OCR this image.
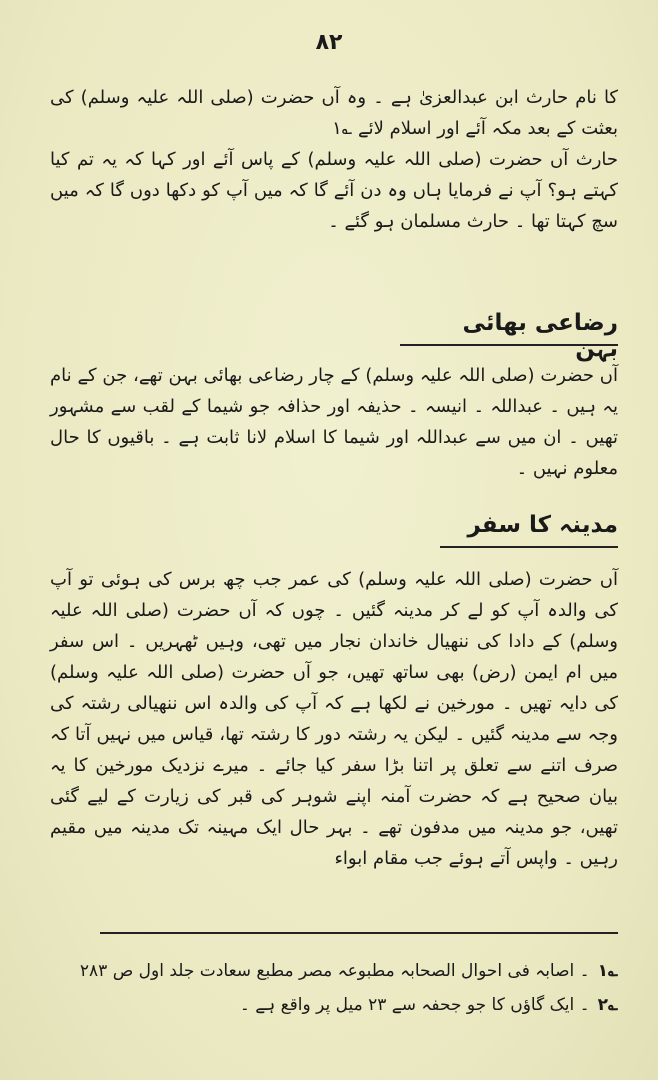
۸۲

کا نام حارث ابن عبدالعزیٰ ہے ۔ وہ آں حضرت (صلی اللہ علیہ وسلم) کی بعثت کے بعد مکہ آئے اور اسلام لائے ؎۱

حارث آں حضرت (صلی اللہ علیہ وسلم) کے پاس آئے اور کہا کہ یہ تم کیا کہتے ہو؟ آپ نے فرمایا ہاں وہ دن آئے گا کہ میں آپ کو دکھا دوں گا کہ میں سچ کہتا تھا ۔ حارث مسلمان ہو گئے ۔

رضاعی بھائی بہن

آں حضرت (صلی اللہ علیہ وسلم) کے چار رضاعی بھائی بہن تھے، جن کے نام یہ ہیں ۔ عبداللہ ۔ انیسہ ۔ حذیفہ اور حذافہ جو شیما کے لقب سے مشہور تھیں ۔ ان میں سے عبداللہ اور شیما کا اسلام لانا ثابت ہے ۔ باقیوں کا حال معلوم نہیں ۔

مدینہ کا سفر

آں حضرت (صلی اللہ علیہ وسلم) کی عمر جب چھ برس کی ہوئی تو آپ کی والدہ آپ کو لے کر مدینہ گئیں ۔ چوں کہ آں حضرت (صلی اللہ علیہ وسلم) کے دادا کی ننھیال خاندان نجار میں تھی، وہیں ٹھہریں ۔ اس سفر میں ام ایمن (رض) بھی ساتھ تھیں، جو آں حضرت (صلی اللہ علیہ وسلم) کی دایہ تھیں ۔ مورخین نے لکھا ہے کہ آپ کی والدہ اس ننھیالی رشتہ کی وجہ سے مدینہ گئیں ۔ لیکن یہ رشتہ دور کا رشتہ تھا، قیاس میں نہیں آتا کہ صرف اتنے سے تعلق پر اتنا بڑا سفر کیا جائے ۔ میرے نزدیک مورخین کا یہ بیان صحیح ہے کہ حضرت آمنہ اپنے شوہر کی قبر کی زیارت کے لیے گئی تھیں، جو مدینہ میں مدفون تھے ۔ بہر حال ایک مہینہ تک مدینہ میں مقیم رہیں ۔ واپس آتے ہوئے جب مقام ابواء

؎۱۔ اصابہ فی احوال الصحابہ مطبوعہ مصر مطبع سعادت جلد اول ص ۲۸۳
؎۲۔ ایک گاؤں کا جو جحفہ سے ۲۳ میل پر واقع ہے ۔
